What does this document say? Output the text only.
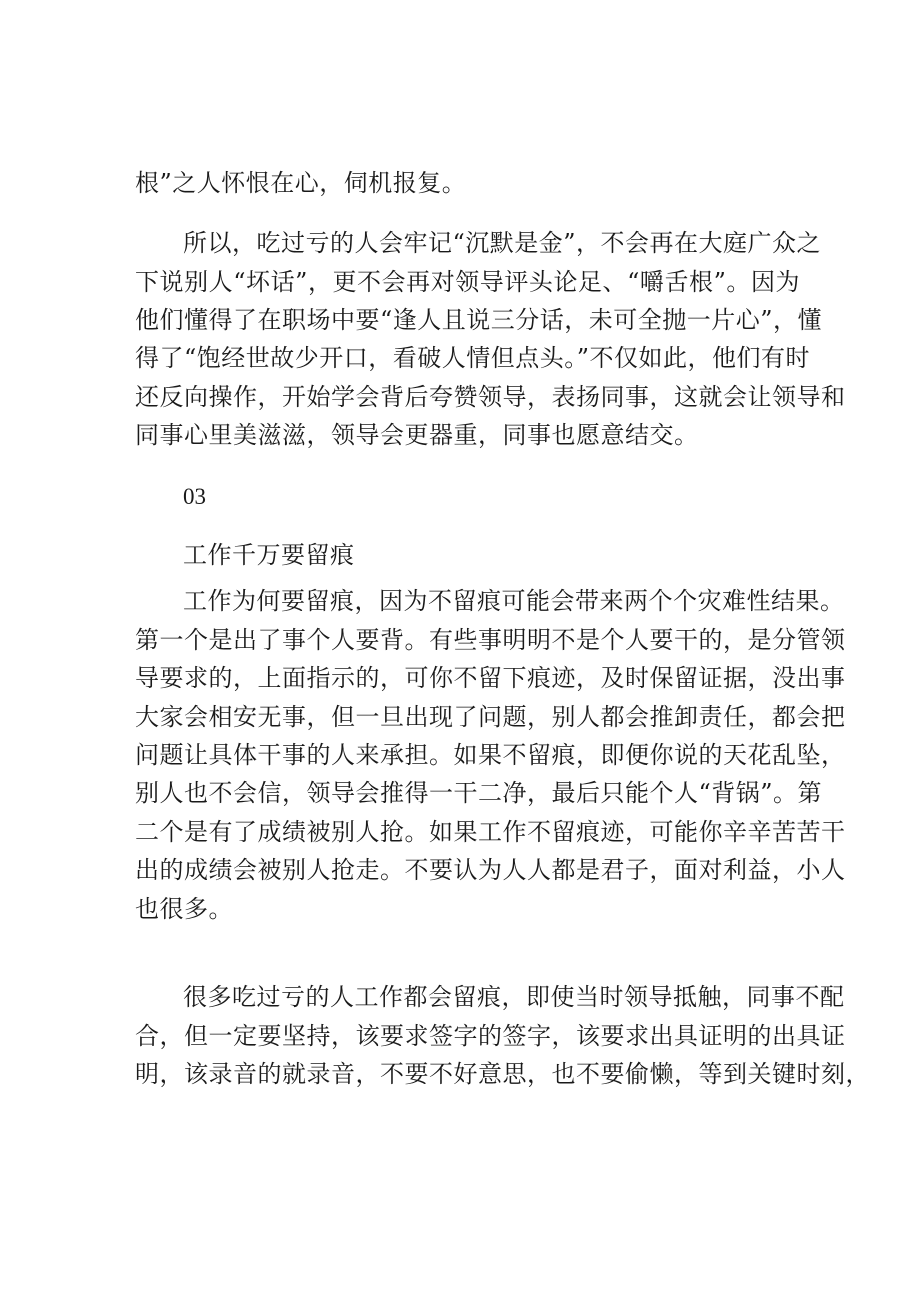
根”之人怀恨在心，伺机报复。

所以，吃过亏的人会牢记“沉默是金”，不会再在大庭广众之

下说别人“坏话”，更不会再对领导评头论足、“嚼舌根”。因为

他们懂得了在职场中要“逢人且说三分话，未可全抛一片心”，懂

得了“饱经世故少开口，看破人情但点头。”不仅如此，他们有时

还反向操作，开始学会背后夸赞领导，表扬同事，这就会让领导和

同事心里美滋滋，领导会更器重，同事也愿意结交。

03

工作千万要留痕

工作为何要留痕，因为不留痕可能会带来两个个灾难性结果。

第一个是出了事个人要背。有些事明明不是个人要干的，是分管领

导要求的，上面指示的，可你不留下痕迹，及时保留证据，没出事

大家会相安无事，但一旦出现了问题，别人都会推卸责任，都会把

问题让具体干事的人来承担。如果不留痕，即便你说的天花乱坠，

别人也不会信，领导会推得一干二净，最后只能个人“背锅”。第

二个是有了成绩被别人抢。如果工作不留痕迹，可能你辛辛苦苦干

出的成绩会被别人抢走。不要认为人人都是君子，面对利益，小人

也很多。

很多吃过亏的人工作都会留痕，即使当时领导抵触，同事不配

合，但一定要坚持，该要求签字的签字，该要求出具证明的出具证

明，该录音的就录音，不要不好意思，也不要偷懒，等到关键时刻，
